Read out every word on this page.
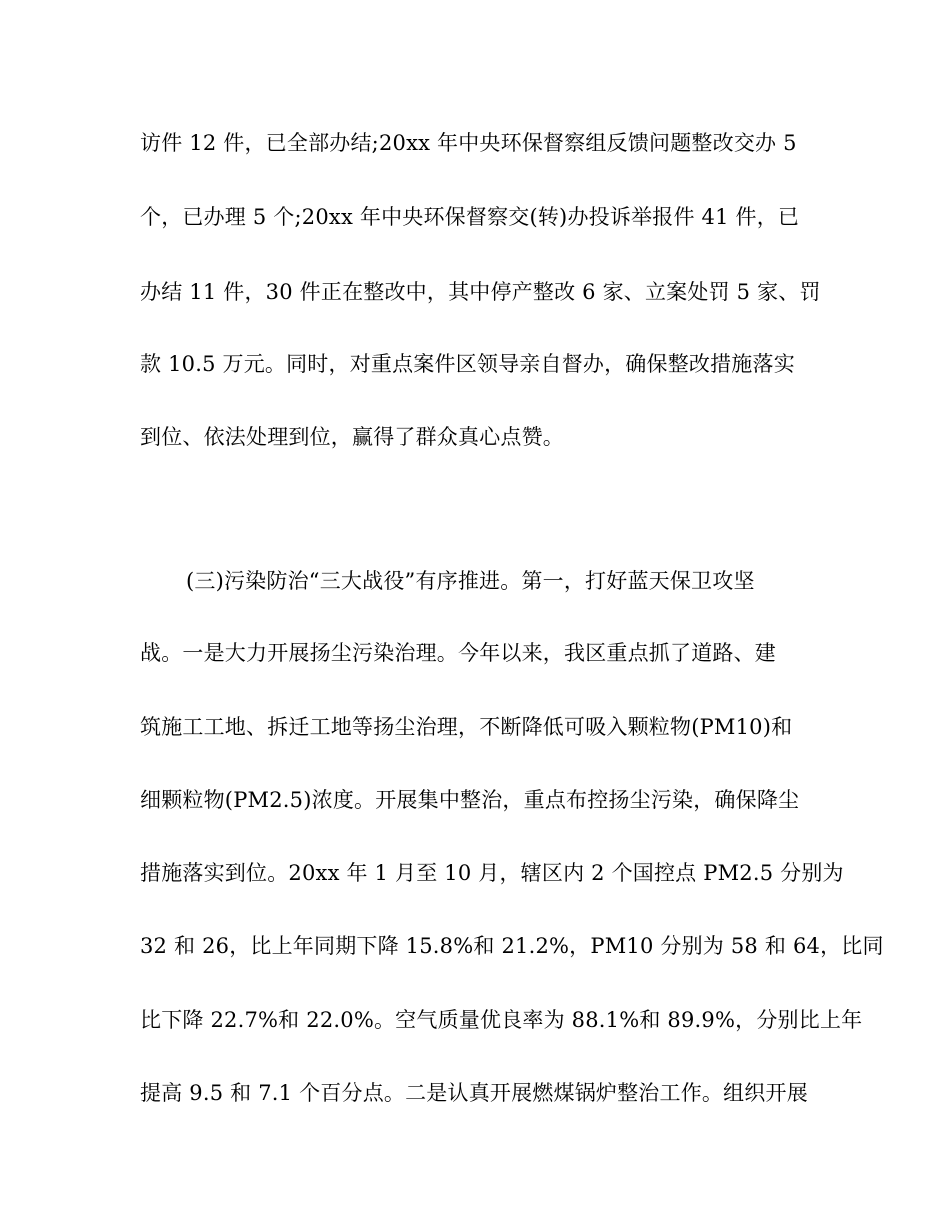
访件 12 件，已全部办结;20xx 年中央环保督察组反馈问题整改交办 5
个，已办理 5 个;20xx 年中央环保督察交(转)办投诉举报件 41 件，已
办结 11 件，30 件正在整改中，其中停产整改 6 家、立案处罚 5 家、罚
款 10.5 万元。同时，对重点案件区领导亲自督办，确保整改措施落实
到位、依法处理到位，赢得了群众真心点赞。
(三)污染防治“三大战役”有序推进。第一，打好蓝天保卫攻坚
战。一是大力开展扬尘污染治理。今年以来，我区重点抓了道路、建
筑施工工地、拆迁工地等扬尘治理，不断降低可吸入颗粒物(PM10)和
细颗粒物(PM2.5)浓度。开展集中整治，重点布控扬尘污染，确保降尘
措施落实到位。20xx 年 1 月至 10 月，辖区内 2 个国控点 PM2.5 分别为
32 和 26，比上年同期下降 15.8%和 21.2%，PM10 分别为 58 和 64，比同
比下降 22.7%和 22.0%。空气质量优良率为 88.1%和 89.9%，分别比上年
提高 9.5 和 7.1 个百分点。二是认真开展燃煤锅炉整治工作。组织开展
